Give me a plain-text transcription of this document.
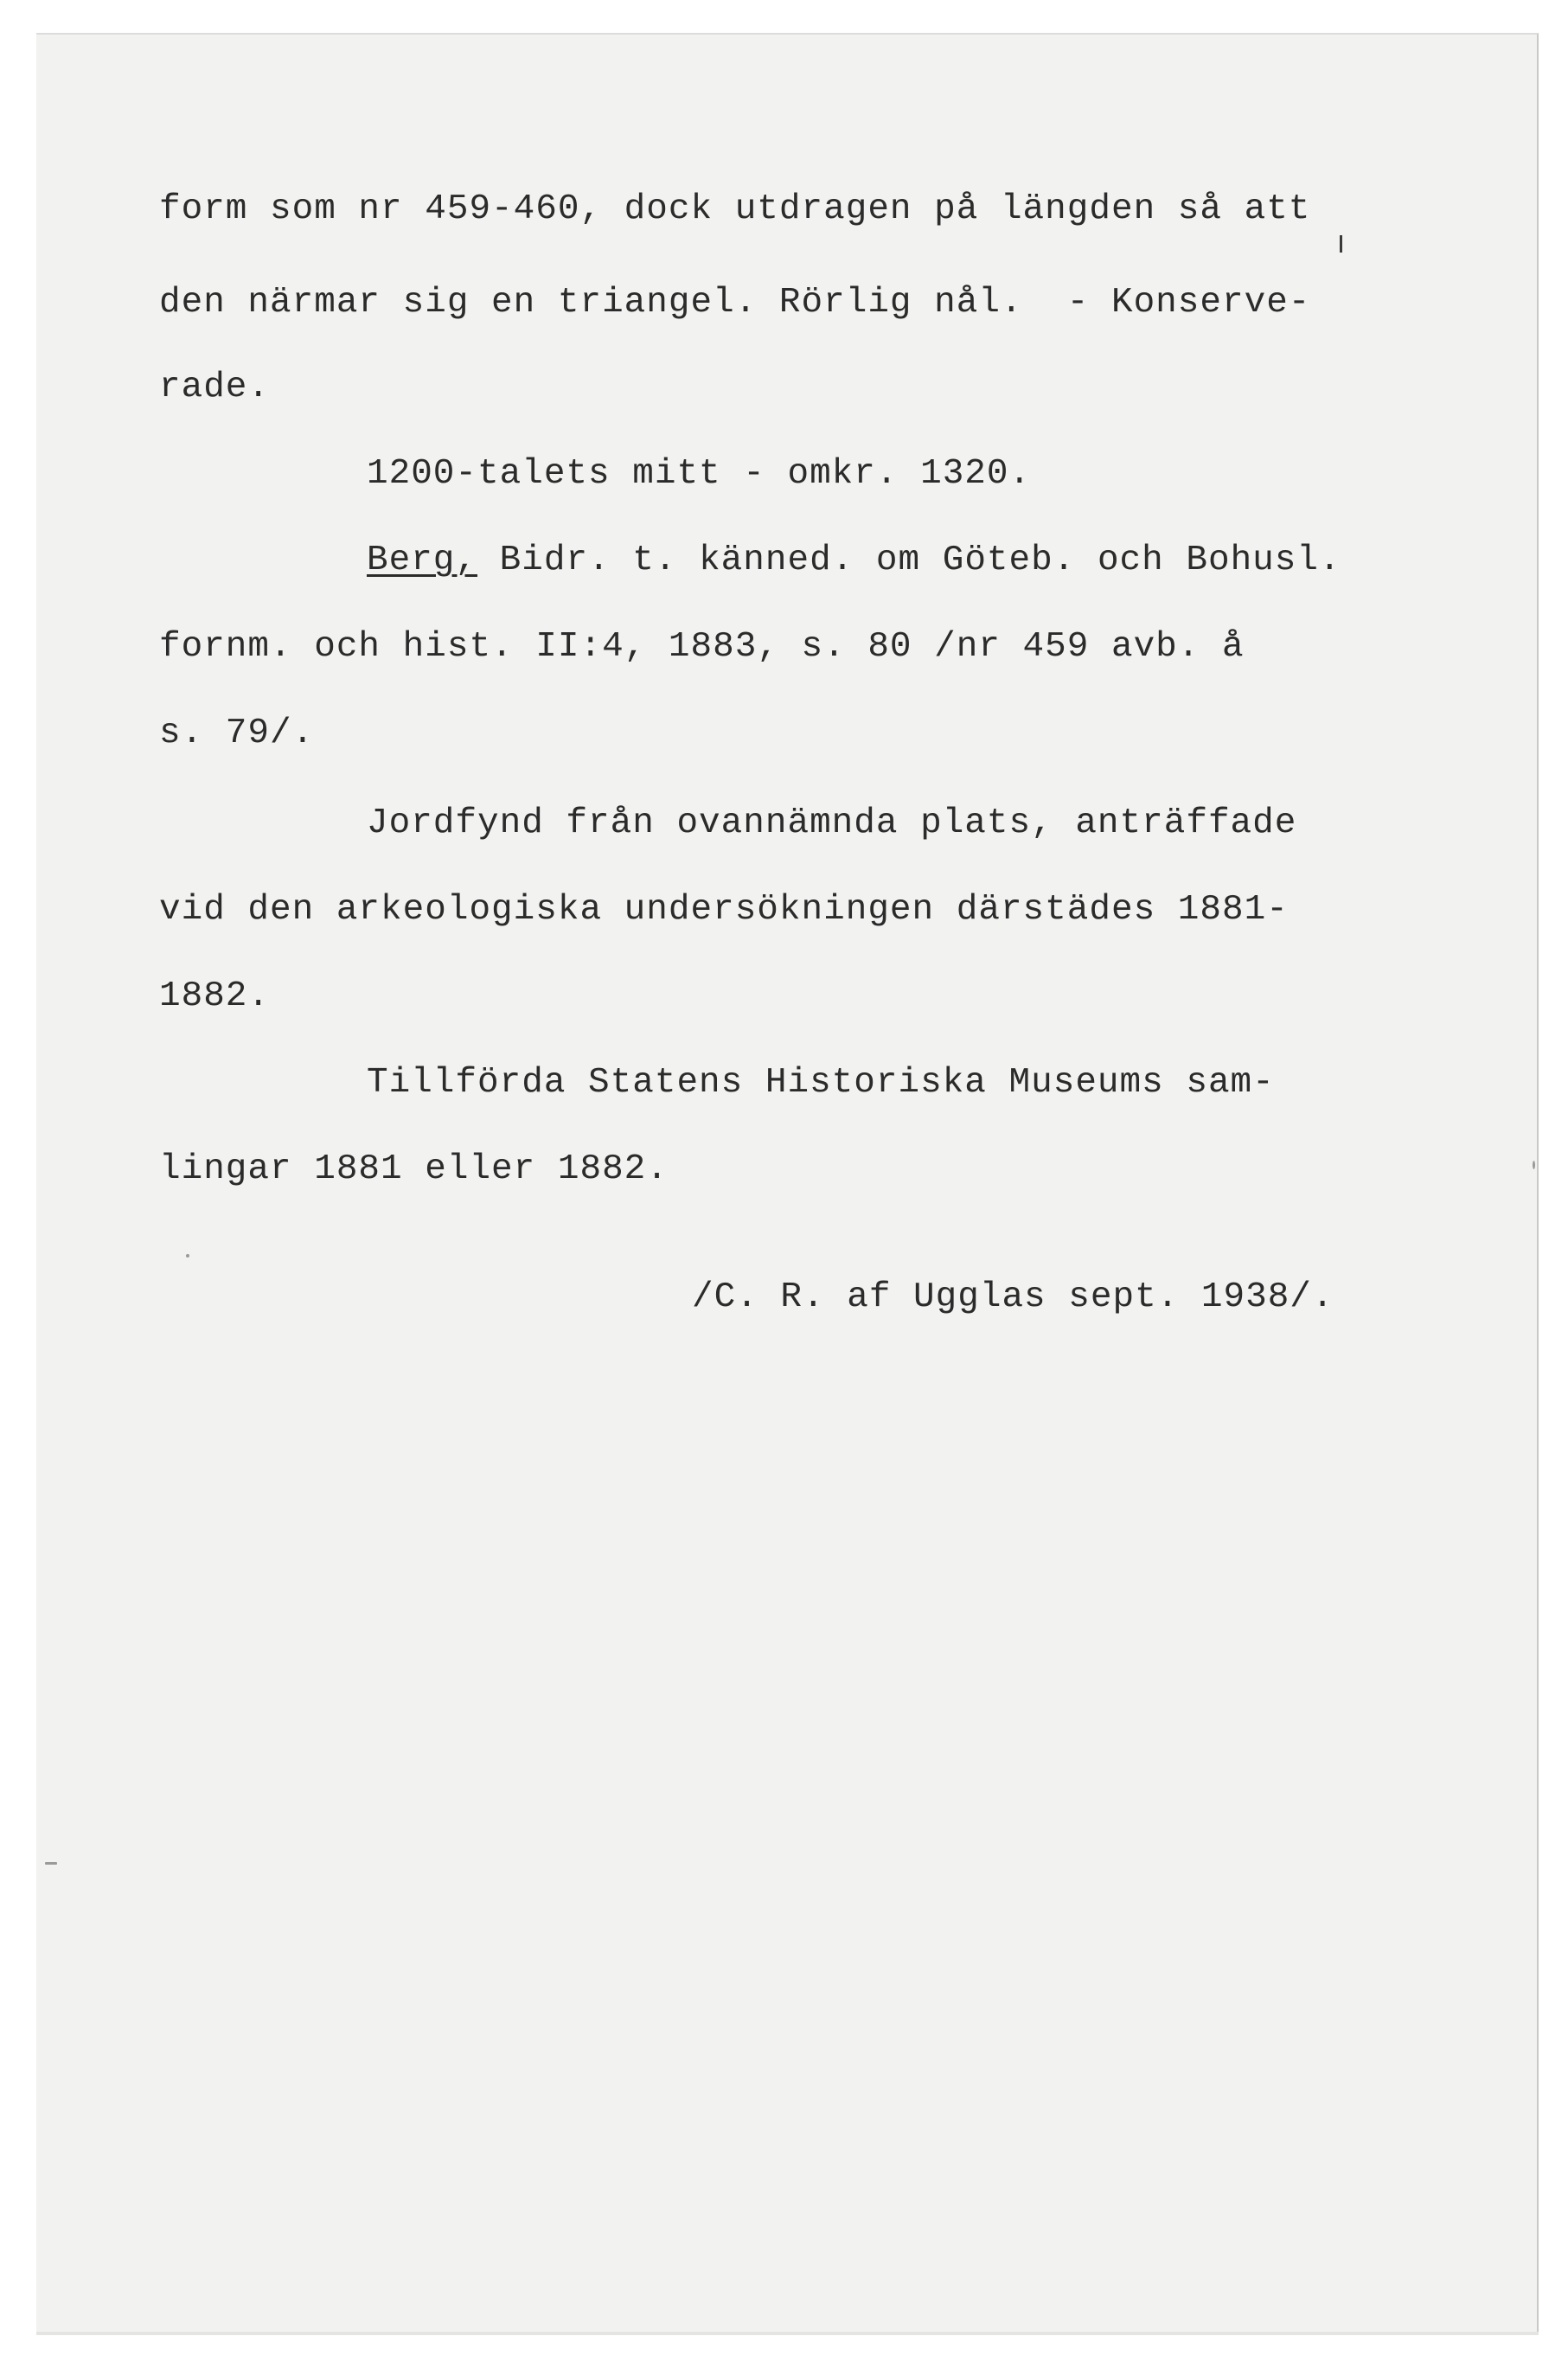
form som nr 459-460, dock utdragen på längden så att
den närmar sig en triangel. Rörlig nål.  - Konserve-
rade.
1200-talets mitt - omkr. 1320.
Berg, Bidr. t. känned. om Göteb. och Bohusl.
fornm. och hist. II:4, 1883, s. 80 /nr 459 avb. å
s. 79/.
Jordfynd från ovannämnda plats, anträffade
vid den arkeologiska undersökningen därstädes 1881-
1882.
Tillförda Statens Historiska Museums sam-
lingar 1881 eller 1882.
/C. R. af Ugglas sept. 1938/.
